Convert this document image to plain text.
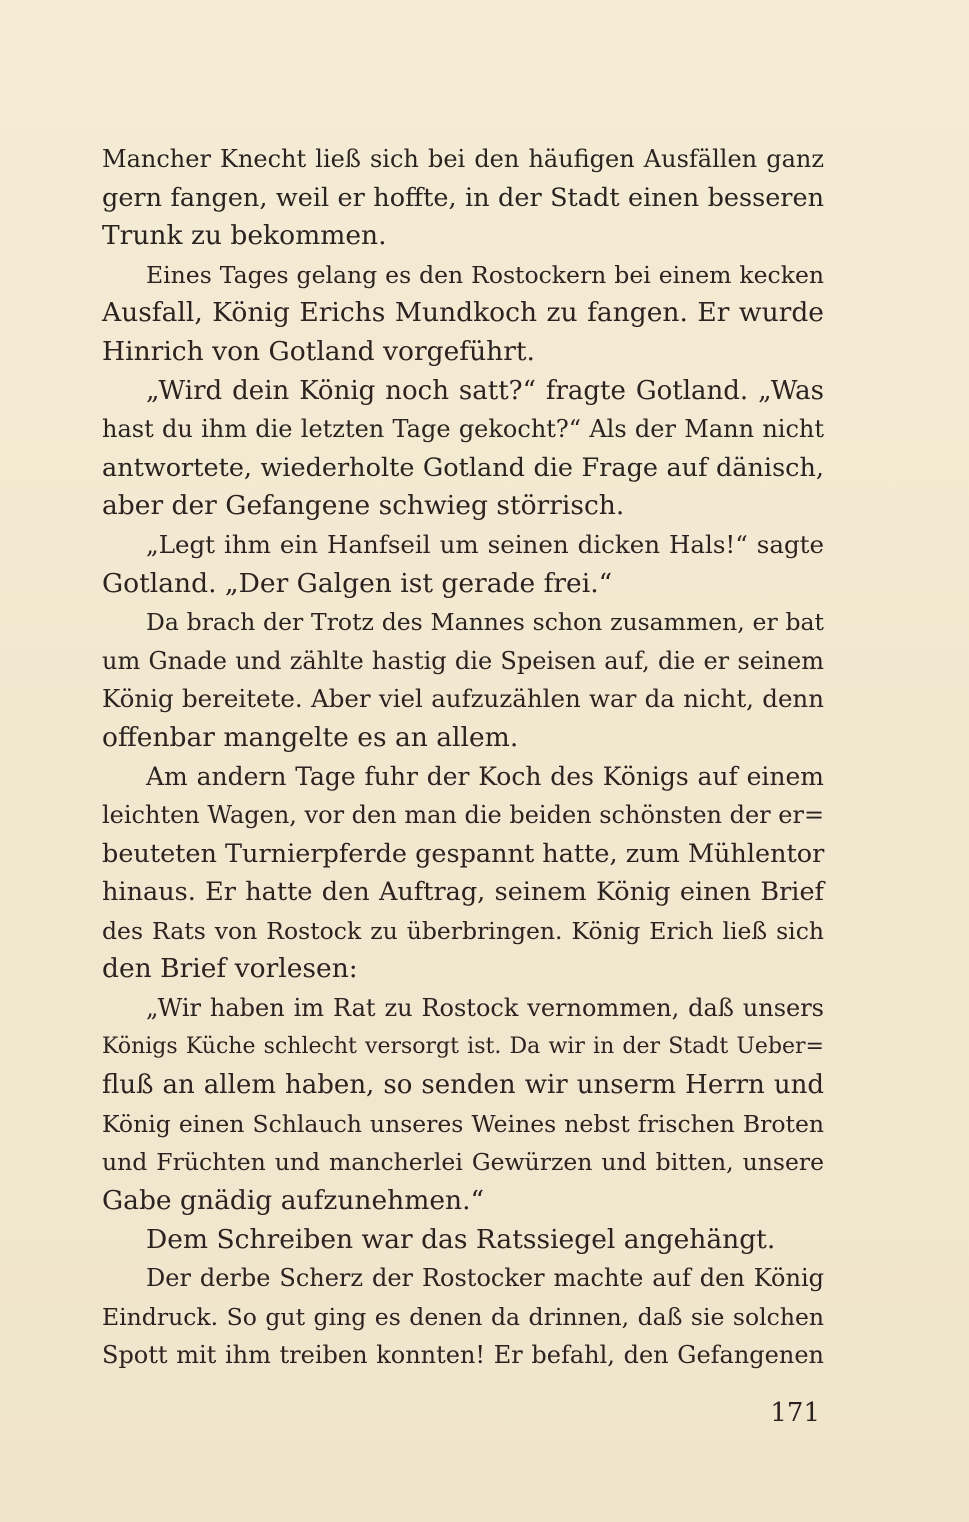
Mancher Knecht ließ sich bei den häufigen Ausfällen ganz
gern fangen, weil er hoffte, in der Stadt einen besseren
Trunk zu bekommen.
Eines Tages gelang es den Rostockern bei einem kecken
Ausfall, König Erichs Mundkoch zu fangen. Er wurde
Hinrich von Gotland vorgeführt.
„Wird dein König noch satt?“ fragte Gotland. „Was
hast du ihm die letzten Tage gekocht?“ Als der Mann nicht
antwortete, wiederholte Gotland die Frage auf dänisch,
aber der Gefangene schwieg störrisch.
„Legt ihm ein Hanfseil um seinen dicken Hals!“ sagte
Gotland. „Der Galgen ist gerade frei.“
Da brach der Trotz des Mannes schon zusammen, er bat
um Gnade und zählte hastig die Speisen auf, die er seinem
König bereitete. Aber viel aufzuzählen war da nicht, denn
offenbar mangelte es an allem.
Am andern Tage fuhr der Koch des Königs auf einem
leichten Wagen, vor den man die beiden schönsten der er=
beuteten Turnierpferde gespannt hatte, zum Mühlentor
hinaus. Er hatte den Auftrag, seinem König einen Brief
des Rats von Rostock zu überbringen. König Erich ließ sich
den Brief vorlesen:
„Wir haben im Rat zu Rostock vernommen, daß unsers
Königs Küche schlecht versorgt ist. Da wir in der Stadt Ueber=
fluß an allem haben, so senden wir unserm Herrn und
König einen Schlauch unseres Weines nebst frischen Broten
und Früchten und mancherlei Gewürzen und bitten, unsere
Gabe gnädig aufzunehmen.“
Dem Schreiben war das Ratssiegel angehängt.
Der derbe Scherz der Rostocker machte auf den König
Eindruck. So gut ging es denen da drinnen, daß sie solchen
Spott mit ihm treiben konnten! Er befahl, den Gefangenen
171
